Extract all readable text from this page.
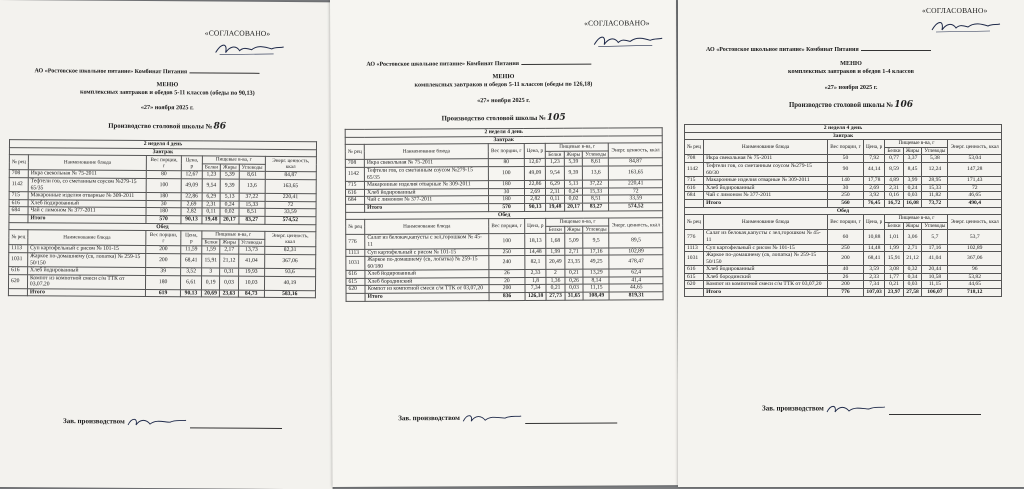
«СОГЛАСОВАНО»
АО «Ростовское школьное питание» Комбинат Питания
МЕНЮ
комплексных завтраков и обедов 5-11 классов (обеды по 90,13)
«27» ноября 2025 г.
Производство столовой школы №86
2 неделя 4 день							
Завтрак							
№ рец	Наименование блюда	Вес порции, г	Цена, р	Пищевые в-ва, г			Энерг. ценность, ккал
				Белки	Жиры	Углеводы	
708	Икра свекольная № 75-2011	80	12,67	1,23	5,39	8,61	84,87
1142	Тефтели гов, со сметанным соусом №279-15 65/35	100	49,09	9,54	9,39	13,6	163,65
715	Макаронные изделия отварные № 309-2011	180	22,86	6,29	5,13	37,22	220,41
616	Хлеб йодированный	30	2,69	2,31	0,24	15,33	72
684	Чай с лимоном № 377-2011	180	2,82	0,11	0,02	8,51	33,59
	Итого	570	90,13	19,48	20,17	83,27	574,52
Обед							
№ рец	Наименование блюда	Вес порции, г	Цена, р	Пищевые в-ва, г			Энерг. ценность, ккал
				Белки	Жиры	Углеводы	
1113	Суп картофельный с рисом № 101-15	200	11,59	1,59	2,17	13,73	82,31
1031	Жаркое по-домашнему (св, лопатка) № 259-15 50/150	200	68,41	15,91	21,12	41,04	367,06
616	Хлеб йодированный	39	3,52	3	0,31	19,93	93,6
620	Компот из компотной смеси с/м ТТК от 03,07,20	180	6,61	0,19	0,03	10,03	40,19
	Итого	619	90,13	20,69	23,63	84,73	583,16
Зав. производством
«СОГЛАСОВАНО»
АО «Ростовское школьное питание» Комбинат Питания
МЕНЮ
комплексных завтраков и обедов 5-11 классов (обеды по 126,18)
«27» ноября 2025 г.
Производство столовой школы №105
2 неделя 4 день							
Завтрак							
№ рец	Наименование блюда	Вес порции, г	Цена, р	Пищевые в-ва, г			Энерг. ценность, ккал
				Белки	Жиры	Углеводы	
708	Икра свекольная № 75-2011	80	12,67	1,23	5,39	8,61	84,87
1142	Тефтели гов, со сметанным соусом №279-15 65/35	100	49,09	9,54	9,39	13,6	163,65
715	Макаронные изделия отварные № 309-2011	180	22,86	6,29	5,13	37,22	220,41
616	Хлеб йодированный	30	2,69	2,31	0,24	15,33	72
684	Чай с лимоном № 377-2011	180	2,82	0,11	0,02	8,51	33,59
	Итого	570	90,13	19,48	20,17	83,27	574,52
Обед							
№ рец	Наименование блюда	Вес порции, г	Цена, р	Пищевые в-ва, г			Энерг. ценность, ккал
				Белки	Жиры	Углеводы	
776	Салат из белокач,капусты с зел,горошком № 45-11	100	18,13	1,68	5,09	9,5	89,5
1113	Суп картофельный с рисом № 101-15	250	14,48	1,99	2,71	17,16	102,89
1031	Жаркое по-домашнему (св, лопатка) № 259-15 60/180	240	82,1	20,49	23,35	49,25	478,47
616	Хлеб йодированный	26	2,33	2	0,21	13,29	62,4
615	Хлеб бородинский	20	1,8	1,36	0,26	8,14	41,4
620	Компот из компотной смеси с/м ТТК от 03,07,20	200	7,34	0,21	0,03	11,15	44,65
	Итого	836	126,18	27,73	31,65	108,49	819,31
Зав. производством
«СОГЛАСОВАНО»
АО «Ростовское школьное питание» Комбинат Питания
МЕНЮ
комплексных завтраков и обедов 1-4 классов
«27» ноября 2025 г.
Производство столовой школы №106
2 неделя 4 день							
Завтрак							
№ рец	Наименование блюда	Вес порции, г	Цена, р	Пищевые в-ва, г			Энерг. ценность, ккал
				Белки	Жиры	Углеводы	
708	Икра свекольная № 75-2011	50	7,92	0,77	3,37	5,38	53,04
1142	Тефтели гов, со сметанным соусом №279-15 60/30	90	44,14	8,59	8,45	12,24	147,28
715	Макаронные изделия отварные № 309-2011	140	17,78	4,89	3,99	28,95	171,43
616	Хлеб йодированный	30	2,69	2,31	0,24	15,33	72
684	Чай с лимоном № 377-2011	250	3,92	0,16	0,03	11,82	46,65
	Итого	560	76,45	16,72	16,08	73,72	490,4
Обед							
№ рец	Наименование блюда	Вес порции, г	Цена, р	Пищевые в-ва, г			Энерг. ценность, ккал
				Белки	Жиры	Углеводы	
776	Салат из белокач,капусты с зел,горошком № 45-11	60	10,88	1,01	3,06	5,7	53,7
1113	Суп картофельный с рисом № 101-15	250	14,48	1,99	2,71	17,16	102,89
1031	Жаркое по-домашнему (св, лопатка) № 259-15 50/150	200	68,41	15,91	21,12	41,04	367,06
616	Хлеб йодированный	40	3,59	3,08	0,32	20,44	96
615	Хлеб бородинский	26	2,33	1,77	0,34	10,58	53,82
620	Компот из компотной смеси с/м ТТК от 03,07,20	200	7,34	0,21	0,03	11,15	44,65
	Итого	776	107,03	23,97	27,58	106,07	718,12
Зав. производством
